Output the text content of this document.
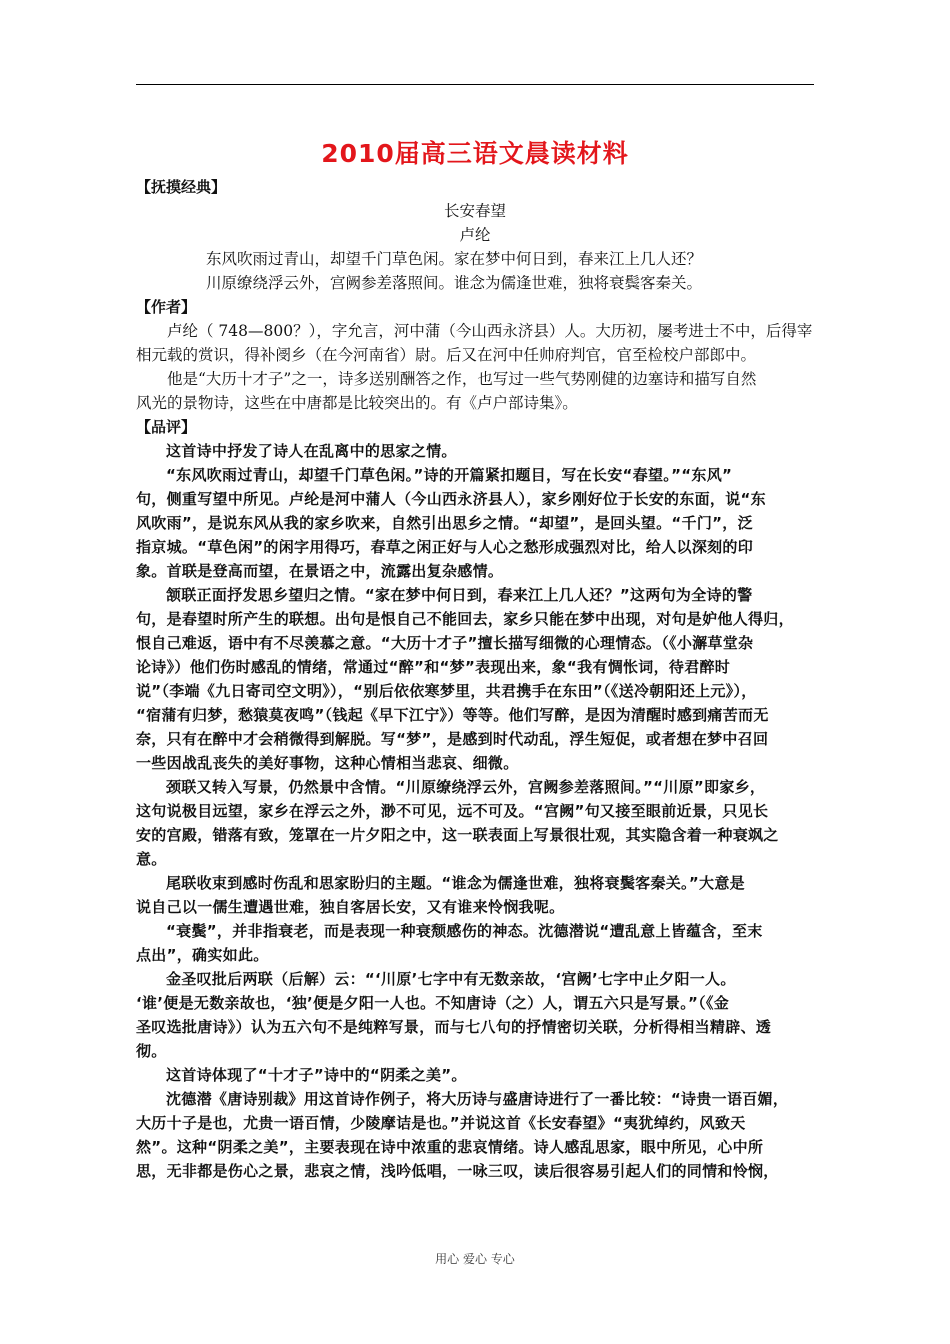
2010届高三语文晨读材料
【抚摸经典】
长安春望
卢纶
东风吹雨过青山，却望千门草色闲。家在梦中何日到，春来江上几人还？
川原缭绕浮云外，宫阙参差落照间。谁念为儒逢世难，独将衰鬓客秦关。
【作者】
卢纶（ 748—800？），字允言，河中蒲（今山西永济县）人。大历初，屡考进士不中，后得宰
相元载的赏识，得补阌乡（在今河南省）尉。后又在河中任帅府判官，官至检校户部郎中。
他是“大历十才子”之一，诗多送别酬答之作，也写过一些气势刚健的边塞诗和描写自然
风光的景物诗，这些在中唐都是比较突出的。有《卢户部诗集》。
【品评】
这首诗中抒发了诗人在乱离中的思家之情。
“东风吹雨过青山，却望千门草色闲。”诗的开篇紧扣题目，写在长安“春望。”“东风”
句，侧重写望中所见。卢纶是河中蒲人（今山西永济县人），家乡刚好位于长安的东面，说“东
风吹雨”，是说东风从我的家乡吹来，自然引出思乡之情。“却望”，是回头望。“千门”，泛
指京城。“草色闲”的闲字用得巧，春草之闲正好与人心之愁形成强烈对比，给人以深刻的印
象。首联是登高而望，在景语之中，流露出复杂感情。
颔联正面抒发思乡望归之情。“家在梦中何日到，春来江上几人还？”这两句为全诗的警
句，是春望时所产生的联想。出句是恨自己不能回去，家乡只能在梦中出现，对句是妒他人得归，
恨自己难返，语中有不尽羡慕之意。“大历十才子”擅长描写细微的心理情态。（《小澥草堂杂
论诗》）他们伤时感乱的情绪，常通过“醉”和“梦”表现出来，象“我有惆怅词，待君醉时
说”（李端《九日寄司空文明》），“别后依依寒梦里，共君携手在东田”（《送冷朝阳还上元》），
“宿蒲有归梦，愁猿莫夜鸣”（钱起《早下江宁》）等等。他们写醉，是因为清醒时感到痛苦而无
奈，只有在醉中才会稍微得到解脱。写“梦”，是感到时代动乱，浮生短促，或者想在梦中召回
一些因战乱丧失的美好事物，这种心情相当悲哀、细微。
颈联又转入写景，仍然景中含情。“川原缭绕浮云外，宫阙参差落照间。”“川原”即家乡，
这句说极目远望，家乡在浮云之外，渺不可见，远不可及。“宫阙”句又接至眼前近景，只见长
安的宫殿，错落有致，笼罩在一片夕阳之中，这一联表面上写景很壮观，其实隐含着一种衰飒之
意。
尾联收束到感时伤乱和思家盼归的主题。“谁念为儒逢世难，独将衰鬓客秦关。”大意是
说自己以一儒生遭遇世难，独自客居长安，又有谁来怜悯我呢。
“衰鬓”，并非指衰老，而是表现一种衰颓感伤的神态。沈德潜说“遭乱意上皆蕴含，至末
点出”，确实如此。
金圣叹批后两联（后解）云：“‘川原’七字中有无数亲故，‘宫阙’七字中止夕阳一人。
‘谁’便是无数亲故也，‘独’便是夕阳一人也。不知唐诗（之）人，谓五六只是写景。”（《金
圣叹选批唐诗》）认为五六句不是纯粹写景，而与七八句的抒情密切关联，分析得相当精辟、透
彻。
这首诗体现了“十才子”诗中的“阴柔之美”。
沈德潜《唐诗别裁》用这首诗作例子，将大历诗与盛唐诗进行了一番比较：“诗贵一语百媚，
大历十子是也，尤贵一语百情，少陵摩诘是也。”并说这首《长安春望》“夷犹绰约，风致天
然”。这种“阴柔之美”，主要表现在诗中浓重的悲哀情绪。诗人感乱思家，眼中所见，心中所
思，无非都是伤心之景，悲哀之情，浅吟低唱，一咏三叹，读后很容易引起人们的同情和怜悯，
用心 爱心 专心
